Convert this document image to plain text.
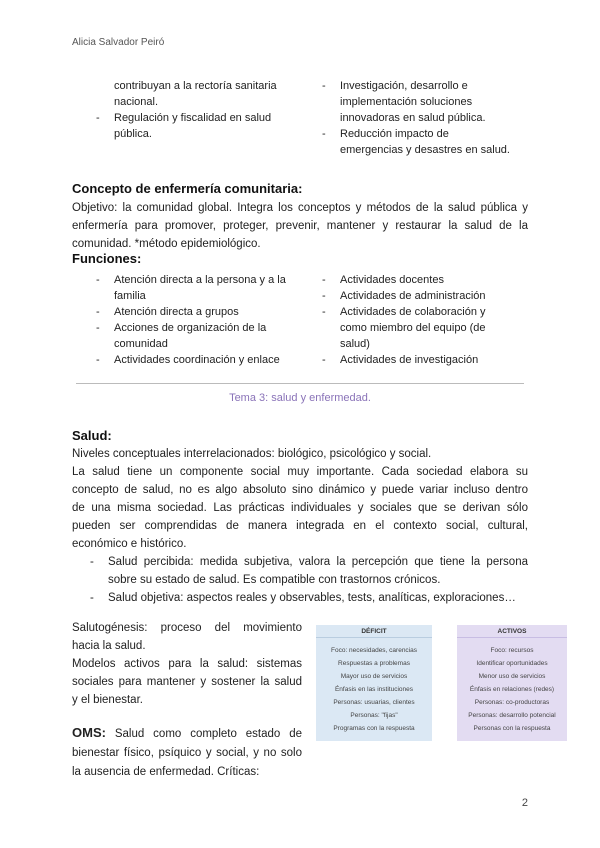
Alicia Salvador Peiró
contribuyan a la rectoría sanitaria
nacional.
- Regulación y fiscalidad en salud
pública.
- Investigación, desarrollo e
implementación soluciones
innovadoras en salud pública.
- Reducción impacto de
emergencias y desastres en salud.
Concepto de enfermería comunitaria:
Objetivo: la comunidad global. Integra los conceptos y métodos de la salud pública y
enfermería para promover, proteger, prevenir, mantener y restaurar la salud de la
comunidad. *método epidemiológico.
Funciones:
- Atención directa a la persona y a la
familia
- Atención directa a grupos
- Acciones de organización de la
comunidad
- Actividades coordinación y enlace
- Actividades docentes
- Actividades de administración
- Actividades de colaboración y
como miembro del equipo (de
salud)
- Actividades de investigación
Tema 3: salud y enfermedad.
Salud:
Niveles conceptuales interrelacionados: biológico, psicológico y social.
La salud tiene un componente social muy importante. Cada sociedad elabora su
concepto de salud, no es algo absoluto sino dinámico y puede variar incluso dentro
de una misma sociedad. Las prácticas individuales y sociales que se derivan sólo
pueden ser comprendidas de manera integrada en el contexto social, cultural,
económico e histórico.
- Salud percibida: medida subjetiva, valora la percepción que tiene la persona
sobre su estado de salud. Es compatible con trastornos crónicos.
- Salud objetiva: aspectos reales y observables, tests, analíticas, exploraciones…
Salutogénesis: proceso del movimiento
hacia la salud.
Modelos activos para la salud: sistemas
sociales para mantener y sostener la salud
y el bienestar.
OMS: Salud como completo estado de
bienestar físico, psíquico y social, y no solo
la ausencia de enfermedad. Críticas:
DÉFICIT
Foco: necesidades, carencias
Respuestas a problemas
Mayor uso de servicios
Énfasis en las instituciones
Personas: usuarias, clientes
Personas: "fijas"
Programas con la respuesta
ACTIVOS
Foco: recursos
Identificar oportunidades
Menor uso de servicios
Énfasis en relaciones (redes)
Personas: co-productoras
Personas: desarrollo potencial
Personas con la respuesta
2
